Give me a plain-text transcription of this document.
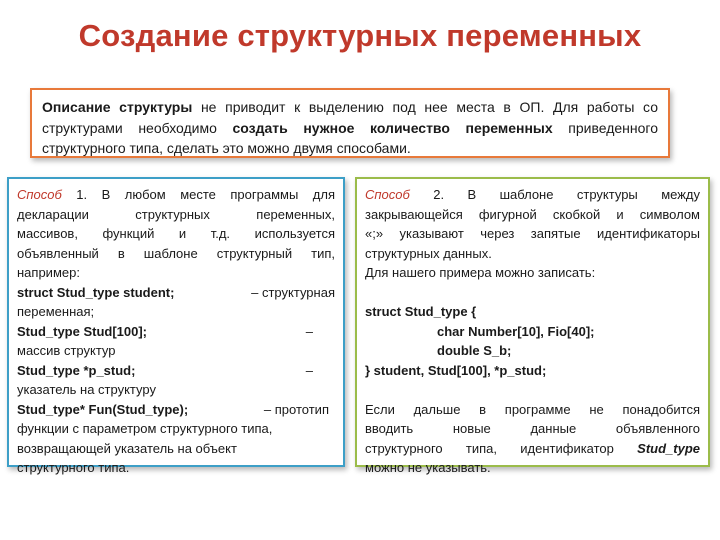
Создание структурных переменных
Описание структуры не приводит к выделению под нее места в ОП. Для работы со структурами необходимо создать нужное количество переменных приведенного структурного типа, сделать это можно двумя способами.
Способ 1. В любом месте программы для
декларации структурных переменных,
массивов, функций и т.д. используется
объявленный в шаблоне структурный тип,
например:
struct Stud_type student;	– структурная
переменная;
Stud_type Stud[100];	–
массив структур
Stud_type *p_stud;	–
указатель на структуру
Stud_type* Fun(Stud_type);	– прототип
функции с параметром структурного типа,
возвращающей указатель на объект
структурного типа.
Способ 2. В шаблоне структуры между
закрывающейся фигурной скобкой и символом
«;» указывают через запятые идентификаторы
структурных данных.
Для нашего примера можно записать:
struct Stud_type {
char Number[10], Fio[40];
double S_b;
} student, Stud[100], *p_stud;
Если дальше в программе не понадобится
вводить новые данные объявленного
структурного типа, идентификатор Stud_type
можно не указывать.
